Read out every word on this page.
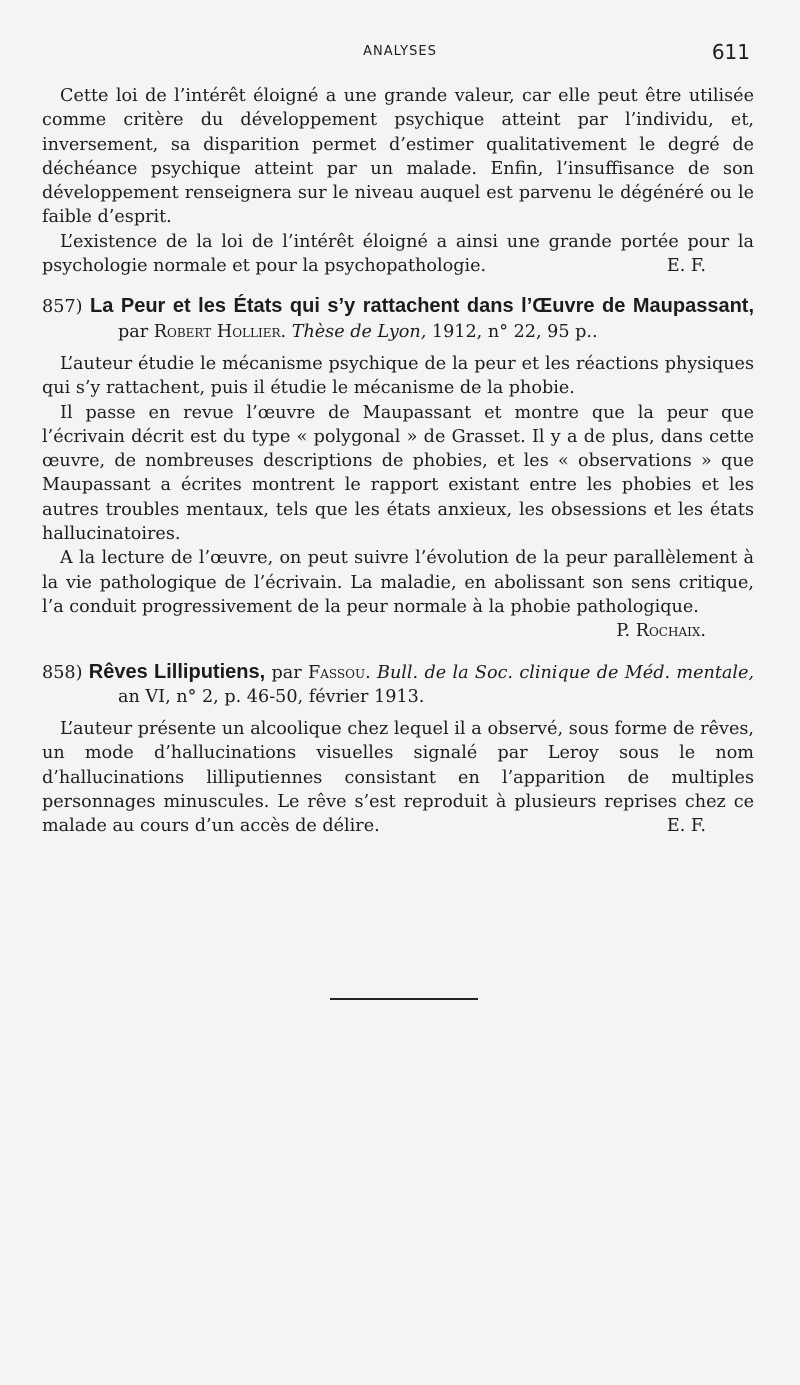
ANALYSES	611

Cette loi de l’intérêt éloigné a une grande valeur, car elle peut être utilisée comme critère du développement psychique atteint par l’individu, et, inversement, sa disparition permet d’estimer qualitativement le degré de déchéance psychique atteint par un malade. Enfin, l’insuffisance de son développement renseignera sur le niveau auquel est parvenu le dégénéré ou le faible d’esprit.

L’existence de la loi de l’intérêt éloigné a ainsi une grande portée pour la psychologie normale et pour la psychopathologie.	E. F.

857) La Peur et les États qui s’y rattachent dans l’Œuvre de Maupassant, par Robert Hollier. Thèse de Lyon, 1912, n° 22, 95 p..

L’auteur étudie le mécanisme psychique de la peur et les réactions physiques qui s’y rattachent, puis il étudie le mécanisme de la phobie.

Il passe en revue l’œuvre de Maupassant et montre que la peur que l’écrivain décrit est du type « polygonal » de Grasset. Il y a de plus, dans cette œuvre, de nombreuses descriptions de phobies, et les « observations » que Maupassant a écrites montrent le rapport existant entre les phobies et les autres troubles mentaux, tels que les états anxieux, les obsessions et les états hallucinatoires.

A la lecture de l’œuvre, on peut suivre l’évolution de la peur parallèlement à la vie pathologique de l’écrivain. La maladie, en abolissant son sens critique, l’a conduit progressivement de la peur normale à la phobie pathologique.

P. Rochaix.
858) Rêves Lilliputiens, par Fassou. Bull. de la Soc. clinique de Méd. mentale, an VI, n° 2, p. 46-50, février 1913.

L’auteur présente un alcoolique chez lequel il a observé, sous forme de rêves, un mode d’hallucinations visuelles signalé par Leroy sous le nom d’hallucinations lilliputiennes consistant en l’apparition de multiples personnages minuscules. Le rêve s’est reproduit à plusieurs reprises chez ce malade au cours d’un accès de délire.	E. F.
